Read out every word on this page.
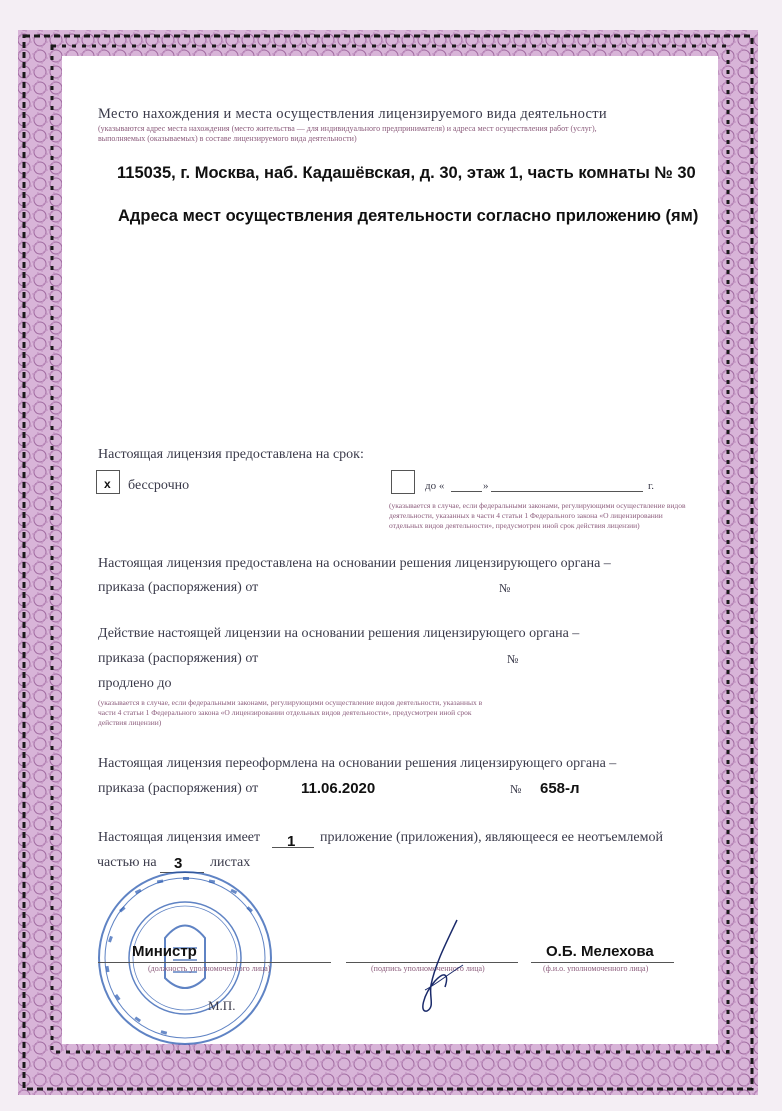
Место нахождения и места осуществления лицензируемого вида деятельности
(указываются адрес места нахождения (место жительства — для индивидуального предпринимателя) и адреса мест осуществления работ (услуг),
выполняемых (оказываемых) в составе лицензируемого вида деятельности)
115035, г. Москва, наб. Кадашёвская, д. 30, этаж 1, часть комнаты № 30
Адреса мест осуществления деятельности согласно приложению (ям)
Настоящая лицензия предоставлена на срок:
x бессрочно	до «	»	г.
(указывается в случае, если федеральными законами, регулирующими осуществление видов деятельности, указанных в части 4 статьи 1 Федерального закона «О лицензировании отдельных видов деятельности», предусмотрен иной срок действия лицензии)
Настоящая лицензия предоставлена на основании решения лицензирующего органа –
приказа (распоряжения) от	№
Действие настоящей лицензии на основании решения лицензирующего органа –
приказа (распоряжения) от	№
продлено до
(указывается в случае, если федеральными законами, регулирующими осуществление видов деятельности, указанных в части 4 статьи 1 Федерального закона «О лицензировании отдельных видов деятельности», предусмотрен иной срок действия лицензии)
Настоящая лицензия переоформлена на основании решения лицензирующего органа –
приказа (распоряжения) от	11.06.2020	№ 658-л
Настоящая лицензия имеет 1 приложение (приложения), являющееся ее неотъемлемой
частью на 3 листах
Министр
(должность уполномоченного лица)	(подпись уполномоченного лица)
О.Б. Мелехова
(ф.и.о. уполномоченного лица)
М.П.
